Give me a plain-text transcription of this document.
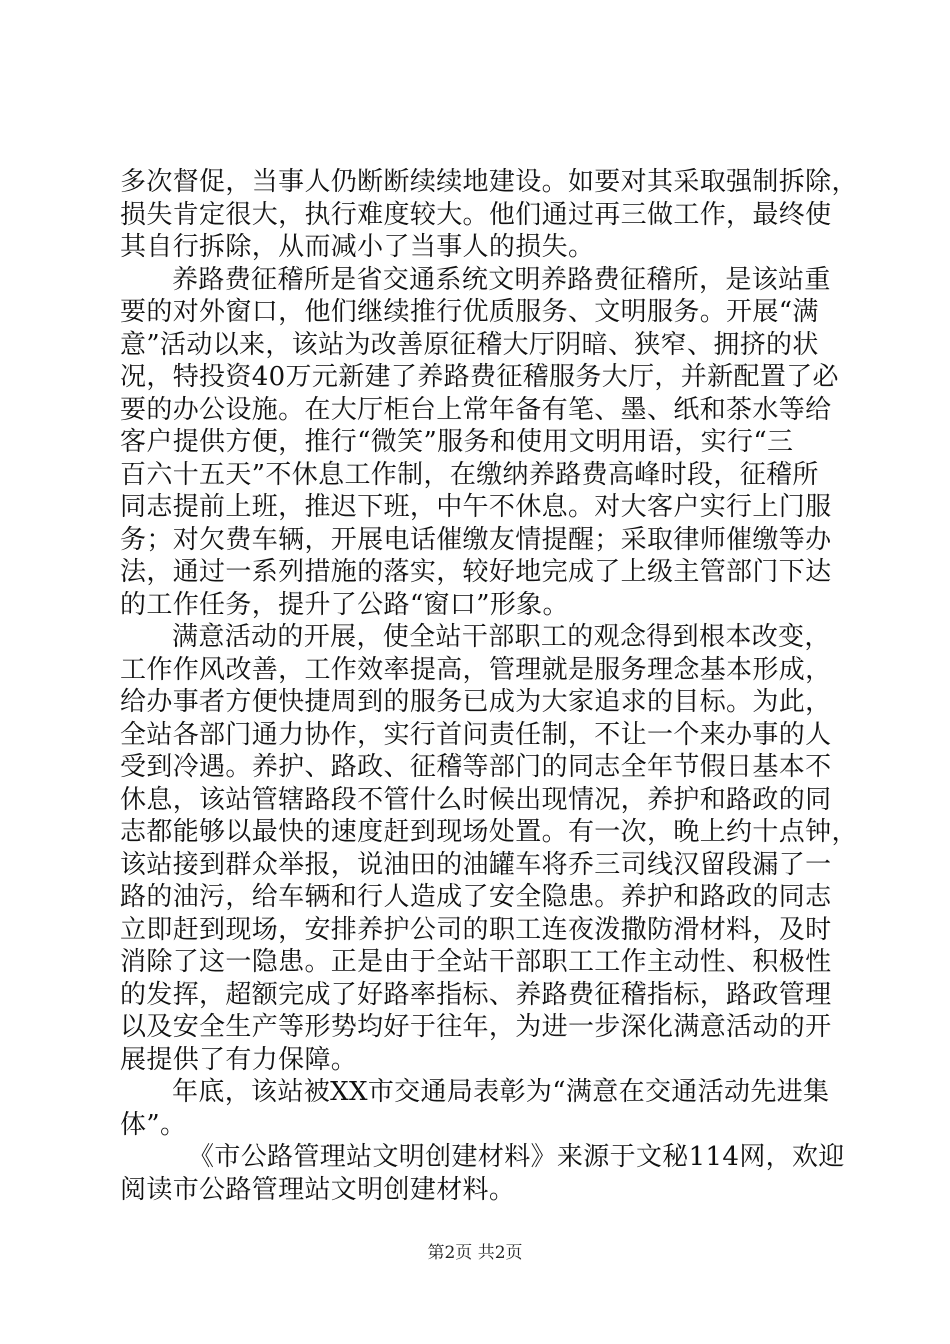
多次督促，当事人仍断断续续地建设。如要对其采取强制拆除，
损失肯定很大，执行难度较大。他们通过再三做工作，最终使
其自行拆除，从而减小了当事人的损失。
养路费征稽所是省交通系统文明养路费征稽所，是该站重
要的对外窗口，他们继续推行优质服务、文明服务。开展“满
意”活动以来，该站为改善原征稽大厅阴暗、狭窄、拥挤的状
况，特投资40万元新建了养路费征稽服务大厅，并新配置了必
要的办公设施。在大厅柜台上常年备有笔、墨、纸和茶水等给
客户提供方便，推行“微笑”服务和使用文明用语，实行“三
百六十五天”不休息工作制，在缴纳养路费高峰时段，征稽所
同志提前上班，推迟下班，中午不休息。对大客户实行上门服
务；对欠费车辆，开展电话催缴友情提醒；采取律师催缴等办
法，通过一系列措施的落实，较好地完成了上级主管部门下达
的工作任务，提升了公路“窗口”形象。
满意活动的开展，使全站干部职工的观念得到根本改变，
工作作风改善，工作效率提高，管理就是服务理念基本形成，
给办事者方便快捷周到的服务已成为大家追求的目标。为此，
全站各部门通力协作，实行首问责任制，不让一个来办事的人
受到冷遇。养护、路政、征稽等部门的同志全年节假日基本不
休息，该站管辖路段不管什么时候出现情况，养护和路政的同
志都能够以最快的速度赶到现场处置。有一次，晚上约十点钟，
该站接到群众举报，说油田的油罐车将乔三司线汉留段漏了一
路的油污，给车辆和行人造成了安全隐患。养护和路政的同志
立即赶到现场，安排养护公司的职工连夜泼撒防滑材料，及时
消除了这一隐患。正是由于全站干部职工工作主动性、积极性
的发挥，超额完成了好路率指标、养路费征稽指标，路政管理
以及安全生产等形势均好于往年，为进一步深化满意活动的开
展提供了有力保障。
年底，该站被XX市交通局表彰为“满意在交通活动先进集
体”。
《市公路管理站文明创建材料》来源于文秘114网，欢迎
阅读市公路管理站文明创建材料。
第2页 共2页
